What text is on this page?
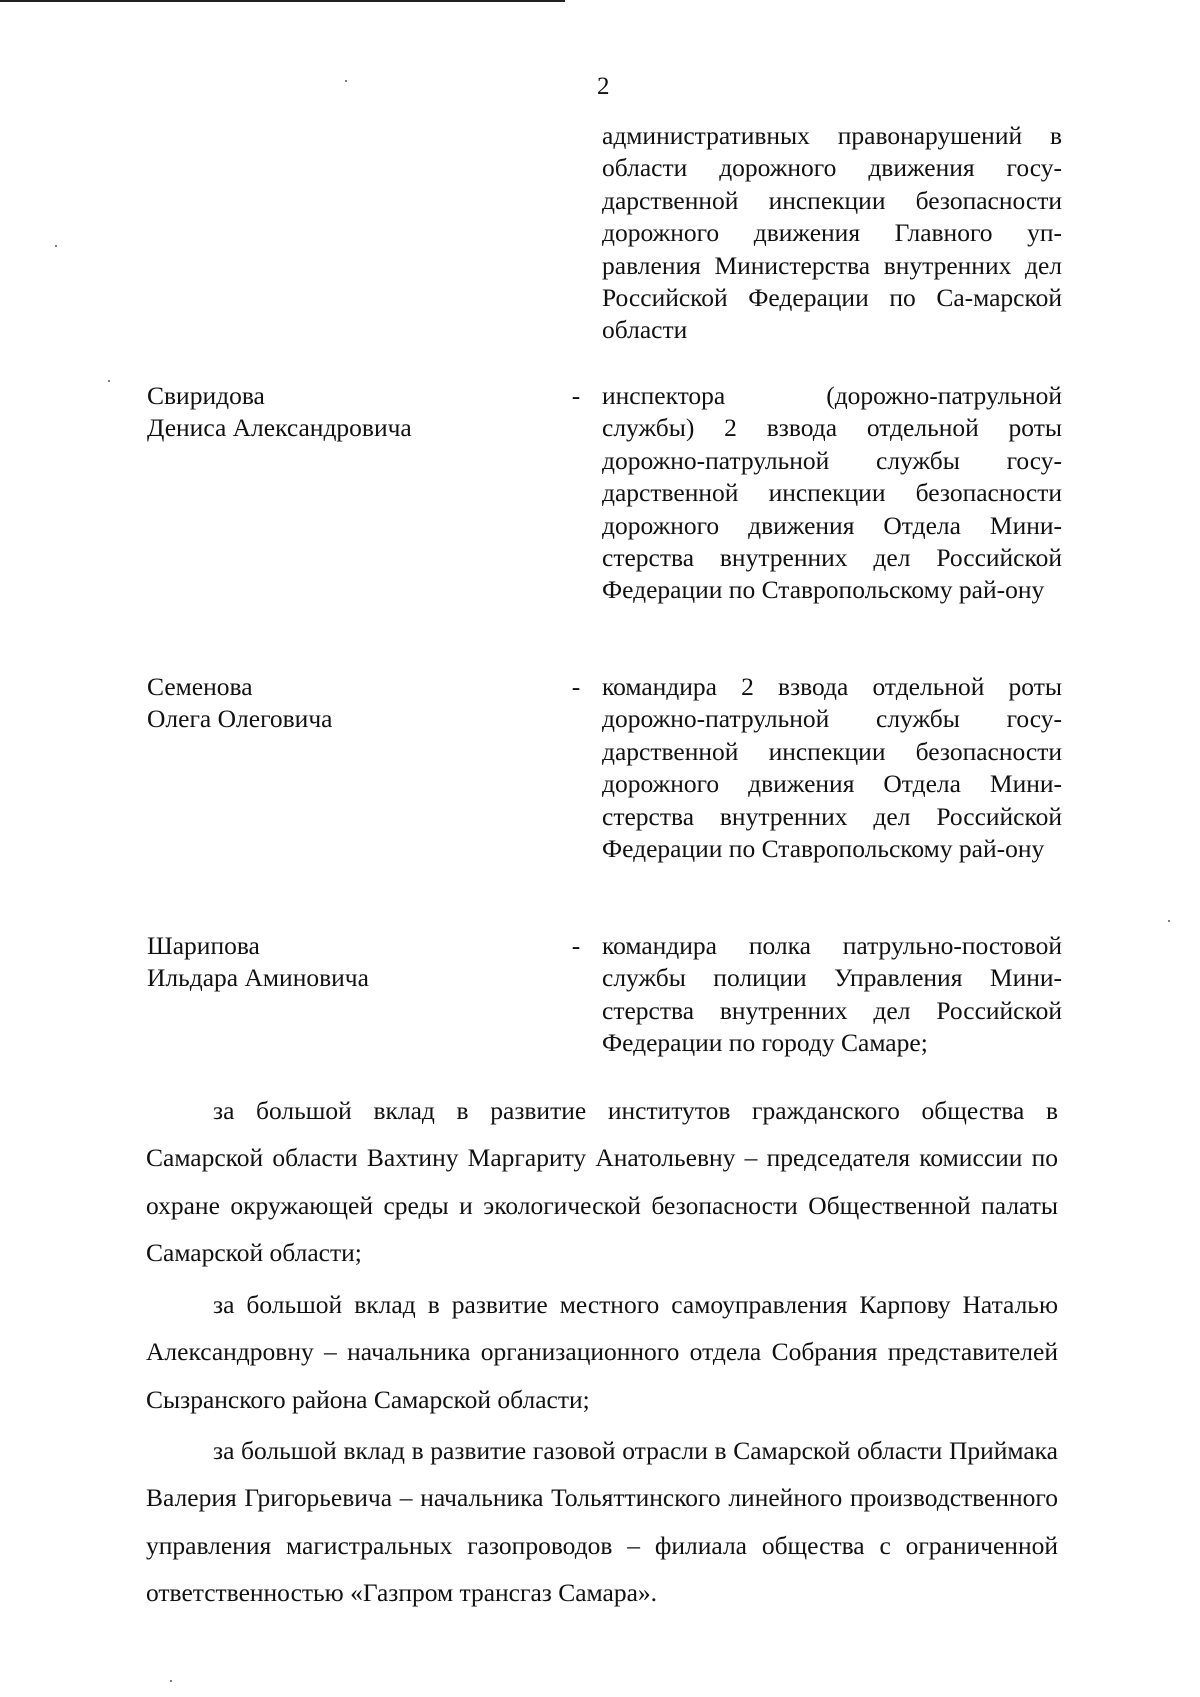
2
административных правонарушений в области дорожного движения госу-дарственной инспекции безопасности дорожного движения Главного уп-равления Министерства внутренних дел Российской Федерации по Са-марской области
Свиридова
Дениса Александровича
- инспектора (дорожно-патрульной службы) 2 взвода отдельной роты дорожно-патрульной службы госу-дарственной инспекции безопасности дорожного движения Отдела Мини-стерства внутренних дел Российской Федерации по Ставропольскому рай-ону
Семенова
Олега Олеговича
- командира 2 взвода отдельной роты дорожно-патрульной службы госу-дарственной инспекции безопасности дорожного движения Отдела Мини-стерства внутренних дел Российской Федерации по Ставропольскому рай-ону
Шарипова
Ильдара Аминовича
- командира полка патрульно-постовой службы полиции Управления Мини-стерства внутренних дел Российской Федерации по городу Самаре;

за большой вклад в развитие институтов гражданского общества в Самарской области Вахтину Маргариту Анатольевну – председателя комиссии по охране окружающей среды и экологической безопасности Общественной палаты Самарской области;

за большой вклад в развитие местного самоуправления Карпову Наталью Александровну – начальника организационного отдела Собрания представителей Сызранского района Самарской области;

за большой вклад в развитие газовой отрасли в Самарской области Приймака Валерия Григорьевича – начальника Тольяттинского линейного производственного управления магистральных газопроводов – филиала общества с ограниченной ответственностью «Газпром трансгаз Самара».
